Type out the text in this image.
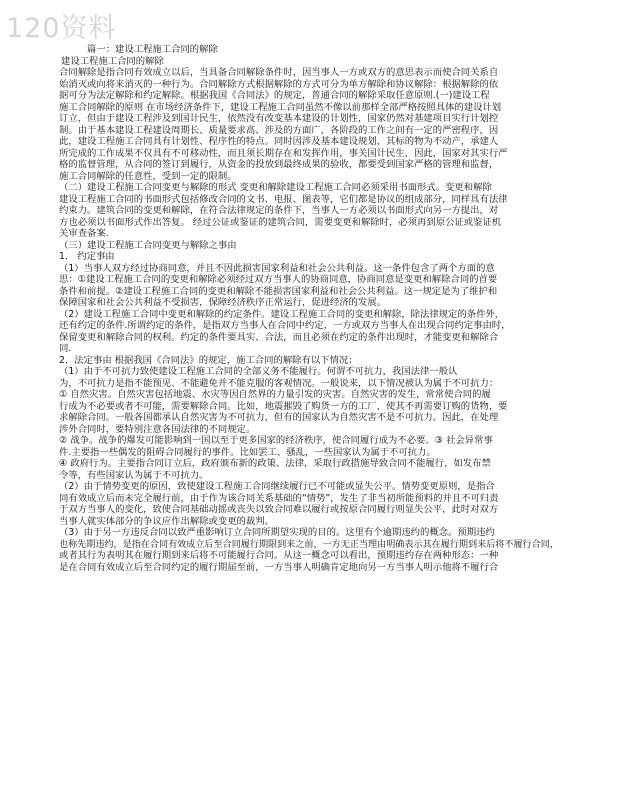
120资料
篇一：建设工程施工合同的解除
建设工程施工合同的解除
合同解除是指合同有效成立以后，当具备合同解除条件时，因当事人一方或双方的意思表示而使合同关系自
始消灭或向将来消灭的一种行为。合同解除方式根据解除的方式可分为单方解除和协议解除：根据解除的依
据可分为法定解除和约定解除。根据我国《合同法》的规定，普通合同的解除采取任意原则.(一)建设工程
施工合同解除的原则 在市场经济条件下，建设工程施工合同虽然不像以前那样全部严格按照具体的建设计划
订立，但由于建设工程涉及到国计民生，依然没有改变基本建设的计划性，国家仍然对基建项目实行计划控
制。由于基本建设工程建设周期长、质量要求高、涉及的方面广，各阶段的工作之间有一定的严密程序，因
此，建设工程施工合同具有计划性、程序性的特点。同时因涉及基本建设规划，其标的物为不动产，承建人
所完成的工作成果不仅具有不可移动性，而且须长期存在和发挥作用，事关国计民生，因此，国家对其实行严
格的监督管理，从合同的签订到履行，从资金的投放到最终成果的验收，都要受到国家严格的管理和监督，
施工合同解除的任意性，受到一定的限制。
（二）建设工程施工合同变更与解除的形式 变更和解除建设工程施工合同必须采用书面形式。变更和解除
建设工程施工合同的书面形式包括修改合同的文书、电报、图表等，它们都是协议的组成部分，同样具有法律
约束力。建筑合同的变更和解除，在符合法律规定的条件下，当事人一方必须以书面形式向另一方提出，对
方也必须以书面形式作出答复。 经过公证或鉴证的建筑合同，需要变更和解除时，必须再到原公证或鉴证机
关审查备案.
（三）建设工程施工合同变更与解除之事由
1． 约定事由
（1）当事人双方经过协商同意，并且不因此损害国家利益和社会公共利益。这一条件包含了两个方面的意
思：①建设工程施工合同的变更和解除必须经过双方当事人的协商同意，协商同意是变更和解除合同的首要
条件和前提。②建设工程施工合同的变更和解除不能损害国家利益和社会公共利益。这一规定是为了维护和
保障国家和社会公共利益不受损害，保障经济秩序正常运行，促进经济的发展。
（2）建设工程施工合同中变更和解除的约定条件。建设工程施工合同的变更和解除，除法律规定的条件外，
还有约定的条件.所谓约定的条件，是指双方当事人在合同中约定，一方或双方当事人在出现合同约定事由时，
保留变更和解除合同的权利。约定的条件要具实、合法，而且必须在约定的条件出现时，才能变更和解除合
同.
2．法定事由 根据我国《合同法》的规定，施工合同的解除有以下情况：
（1）由于不可抗力致使建设工程施工合同的全部义务不能履行。何谓不可抗力，我国法律一般认
为，不可抗力是指不能预见、不能避免并不能克服的客观情况。一般说来，以下情况被认为属于不可抗力：
① 自然灾害。自然灾害包括地震、水灾等因自然界的力量引发的灾害。自然灾害的发生，常常使合同的履
行成为不必要或者不可能，需要解除合同。比如，地震摧毁了购货一方的工厂，使其不再需要订购的货物，要
求解除合同。一般各国都承认自然灾害为不可抗力，但有的国家认为自然灾害不是不可抗力。因此，在处理
涉外合同时，要特别注意各国法律的不同规定。
② 战争。战争的爆发可能影响到一国以至于更多国家的经济秩序，使合同履行成为不必要。③ 社会异常事
件.主要指一些偶发的阻碍合同履行的事件。比如罢工、骚乱，一些国家认为属于不可抗力。
④ 政府行为。主要指合同订立后，政府颁布新的政策、法律，采取行政措施导致合同不能履行，如发布禁
令等，有些国家认为属于不可抗力。
（2）由于情势变更的原因，致使建设工程施工合同继续履行已不可能或显失公平。情势变更原则，是指合
同有效成立后而未完全履行前，由于作为该合同关系基础的“情势”，发生了非当初所能预料的并且不可归责
于双方当事人的变化，致使合同基础动摇或丧失以致合同难以履行或按原合同履行则显失公平，此时对双方
当事人就实体部分的争议应作出解除或变更的裁判。
（3）由于另一方违反合同以致严重影响订立合同所期望实现的目的。这里有个逾期违约的概念。预期违约
也称先期违约，是指在合同有效成立后至合同履行期限到来之前，一方无正当理由明确表示其在履行期到来后将不履行合同，
或者其行为表明其在履行期到来后将不可能履行合同。从这一概念可以看出，预期违约存在两种形态：一种
是在合同有效成立后至合同约定的履行期届至前，一方当事人明确肯定地向另一方当事人明示他将不履行合
